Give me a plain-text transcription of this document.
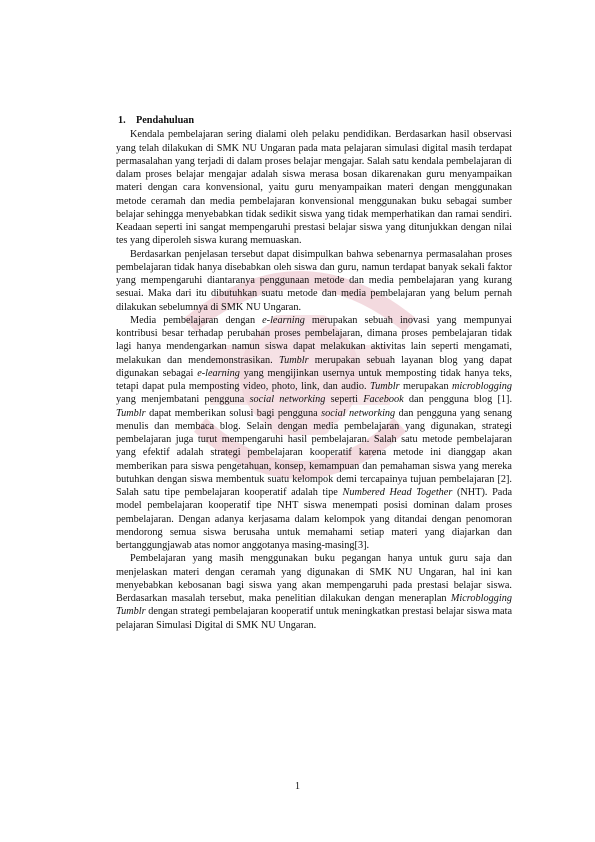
1. Pendahuluan

Kendala pembelajaran sering dialami oleh pelaku pendidikan. Berdasarkan hasil observasi yang telah dilakukan di SMK NU Ungaran pada mata pelajaran simulasi digital masih terdapat permasalahan yang terjadi di dalam proses belajar mengajar. Salah satu kendala pembelajaran di dalam proses belajar mengajar adalah siswa merasa bosan dikarenakan guru menyampaikan materi dengan cara konvensional, yaitu guru menyampaikan materi dengan menggunakan metode ceramah dan media pembelajaran konvensional menggunakan buku sebagai sumber belajar sehingga menyebabkan tidak sedikit siswa yang tidak memperhatikan dan ramai sendiri. Keadaan seperti ini sangat mempengaruhi prestasi belajar siswa yang ditunjukkan dengan nilai tes yang diperoleh siswa kurang memuaskan.

Berdasarkan penjelasan tersebut dapat disimpulkan bahwa sebenarnya permasalahan proses pembelajaran tidak hanya disebabkan oleh siswa dan guru, namun terdapat banyak sekali faktor yang mempengaruhi diantaranya penggunaan metode dan media pembelajaran yang kurang sesuai. Maka dari itu dibutuhkan suatu metode dan media pembelajaran yang belum pernah dilakukan sebelumnya di SMK NU Ungaran.

Media pembelajaran dengan e-learning merupakan sebuah inovasi yang mempunyai kontribusi besar terhadap perubahan proses pembelajaran, dimana proses pembelajaran tidak lagi hanya mendengarkan namun siswa dapat melakukan aktivitas lain seperti mengamati, melakukan dan mendemonstrasikan. Tumblr merupakan sebuah layanan blog yang dapat digunakan sebagai e-learning yang mengijinkan usernya untuk memposting tidak hanya teks, tetapi dapat pula memposting video, photo, link, dan audio. Tumblr merupakan microblogging yang menjembatani pengguna social networking seperti Facebook dan pengguna blog [1]. Tumblr dapat memberikan solusi bagi pengguna social networking dan pengguna yang senang menulis dan membaca blog. Selain dengan media pembelajaran yang digunakan, strategi pembelajaran juga turut mempengaruhi hasil pembelajaran. Salah satu metode pembelajaran yang efektif adalah strategi pembelajaran kooperatif karena metode ini dianggap akan memberikan para siswa pengetahuan, konsep, kemampuan dan pemahaman siswa yang mereka butuhkan dengan siswa membentuk suatu kelompok demi tercapainya tujuan pembelajaran [2]. Salah satu tipe pembelajaran kooperatif adalah tipe Numbered Head Together (NHT). Pada model pembelajaran kooperatif tipe NHT siswa menempati posisi dominan dalam proses pembelajaran. Dengan adanya kerjasama dalam kelompok yang ditandai dengan penomoran mendorong semua siswa berusaha untuk memahami setiap materi yang diajarkan dan bertanggungjawab atas nomor anggotanya masing-masing[3].

Pembelajaran yang masih menggunakan buku pegangan hanya untuk guru saja dan menjelaskan materi dengan ceramah yang digunakan di SMK NU Ungaran, hal ini kan menyebabkan kebosanan bagi siswa yang akan mempengaruhi pada prestasi belajar siswa. Berdasarkan masalah tersebut, maka penelitian dilakukan dengan meneraplan Microblogging Tumblr dengan strategi pembelajaran kooperatif untuk meningkatkan prestasi belajar siswa mata pelajaran Simulasi Digital di SMK NU Ungaran.

1
